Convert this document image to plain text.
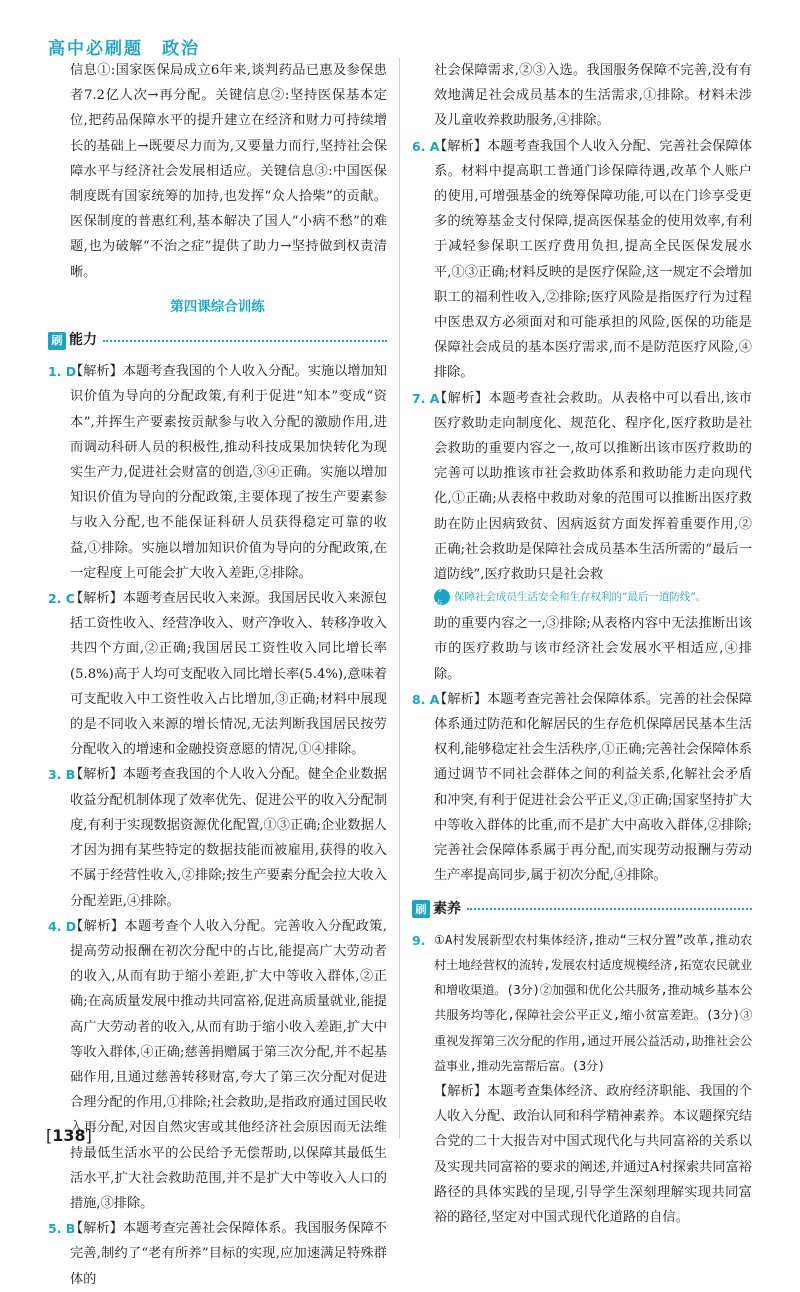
高中必刷题　政治

信息①:国家医保局成立6年来,谈判药品已惠及参保患者7.2亿人次→再分配。关键信息②:坚持医保基本定位,把药品保障水平的提升建立在经济和财力可持续增长的基础上→既要尽力而为,又要量力而行,坚持社会保障水平与经济社会发展相适应。关键信息③:中国医保制度既有国家统筹的加持,也发挥“众人拾柴”的贡献。医保制度的普惠红利,基本解决了国人“小病不愁”的难题,也为破解“不治之症”提供了助力→坚持做到权责清晰。

第四课综合训练
刷 能力
1. D

【解析】本题考查我国的个人收入分配。实施以增加知识价值为导向的分配政策,有利于促进“知本”变成“资本”,并挥生产要素按贡献参与收入分配的激励作用,进而调动科研人员的积极性,推动科技成果加快转化为现实生产力,促进社会财富的创造,③④正确。实施以增加知识价值为导向的分配政策,主要体现了按生产要素参与收入分配,也不能保证科研人员获得稳定可靠的收益,①排除。实施以增加知识价值为导向的分配政策,在一定程度上可能会扩大收入差距,②排除。

2. C

【解析】本题考查居民收入来源。我国居民收入来源包括工资性收入、经营净收入、财产净收入、转移净收入共四个方面,②正确;我国居民工资性收入同比增长率(5.8%)高于人均可支配收入同比增长率(5.4%),意味着可支配收入中工资性收入占比增加,③正确;材料中展现的是不同收入来源的增长情况,无法判断我国居民按劳分配收入的增速和金融投资意愿的情况,①④排除。

3. B

【解析】本题考查我国的个人收入分配。健全企业数据收益分配机制体现了效率优先、促进公平的收入分配制度,有利于实现数据资源优化配置,①③正确;企业数据人才因为拥有某些特定的数据技能而被雇用,获得的收入不属于经营性收入,②排除;按生产要素分配会拉大收入分配差距,④排除。

4. D

【解析】本题考查个人收入分配。完善收入分配政策,提高劳动报酬在初次分配中的占比,能提高广大劳动者的收入,从而有助于缩小差距,扩大中等收入群体,②正确;在高质量发展中推动共同富裕,促进高质量就业,能提高广大劳动者的收入,从而有助于缩小收入差距,扩大中等收入群体,④正确;慈善捐赠属于第三次分配,并不起基础作用,且通过慈善转移财富,夸大了第三次分配对促进合理分配的作用,①排除;社会救助,是指政府通过国民收入再分配,对因自然灾害或其他经济社会原因而无法维持最低生活水平的公民给予无偿帮助,以保障其最低生活水平,扩大社会救助范围,并不是扩大中等收入人口的措施,③排除。

5. B

【解析】本题考查完善社会保障体系。我国服务保障不完善,制约了“老有所养”目标的实现,应加速满足特殊群体的

社会保障需求,②③入选。我国服务保障不完善,没有有效地满足社会成员基本的生活需求,①排除。材料未涉及儿童收养救助服务,④排除。

6. A

【解析】本题考查我国个人收入分配、完善社会保障体系。材料中提高职工普通门诊保障待遇,改革个人账户的使用,可增强基金的统筹保障功能,可以在门诊享受更多的统筹基金支付保障,提高医保基金的使用效率,有利于减轻参保职工医疗费用负担,提高全民医保发展水平,①③正确;材料反映的是医疗保险,这一规定不会增加职工的福利性收入,②排除;医疗风险是指医疗行为过程中医患双方必须面对和可能承担的风险,医保的功能是保障社会成员的基本医疗需求,而不是防范医疗风险,④排除。

7. A

【解析】本题考查社会救助。从表格中可以看出,该市医疗救助走向制度化、规范化、程序化,医疗救助是社会救助的重要内容之一,故可以推断出该市医疗救助的完善可以助推该市社会救助体系和救助能力走向现代化,①正确;从表格中救助对象的范围可以推断出医疗救助在防止因病致贫、因病返贫方面发挥着重要作用,②正确;社会救助是保障社会成员基本生活所需的“最后一道防线”,医疗救助只是社会救

考点
保障社会成员生活安全和生存权利的“最后一道防线”。

助的重要内容之一,③排除;从表格内容中无法推断出该市的医疗救助与该市经济社会发展水平相适应,④排除。

8. A

【解析】本题考查完善社会保障体系。完善的社会保障体系通过防范和化解居民的生存危机保障居民基本生活权利,能够稳定社会生活秩序,①正确;完善社会保障体系通过调节不同社会群体之间的利益关系,化解社会矛盾和冲突,有利于促进社会公平正义,③正确;国家坚持扩大中等收入群体的比重,而不是扩大中高收入群体,②排除;完善社会保障体系属于再分配,而实现劳动报酬与劳动生产率提高同步,属于初次分配,④排除。

刷 素养
9. ①A村发展新型农村集体经济,推动“三权分置”改革,推动农村土地经营权的流转,发展农村适度规模经济,拓宽农民就业和增收渠道。(3分)②加强和优化公共服务,推动城乡基本公共服务均等化,保障社会公平正义,缩小贫富差距。(3分)③重视发挥第三次分配的作用,通过开展公益活动,助推社会公益事业,推动先富帮后富。(3分)

【解析】本题考查集体经济、政府经济职能、我国的个人收入分配、政治认同和科学精神素养。本议题探究结合党的二十大报告对中国式现代化与共同富裕的关系以及实现共同富裕的要求的阐述,并通过A村探索共同富裕路径的具体实践的呈现,引导学生深刻理解实现共同富裕的路径,坚定对中国式现代化道路的自信。

[ 138 ]
